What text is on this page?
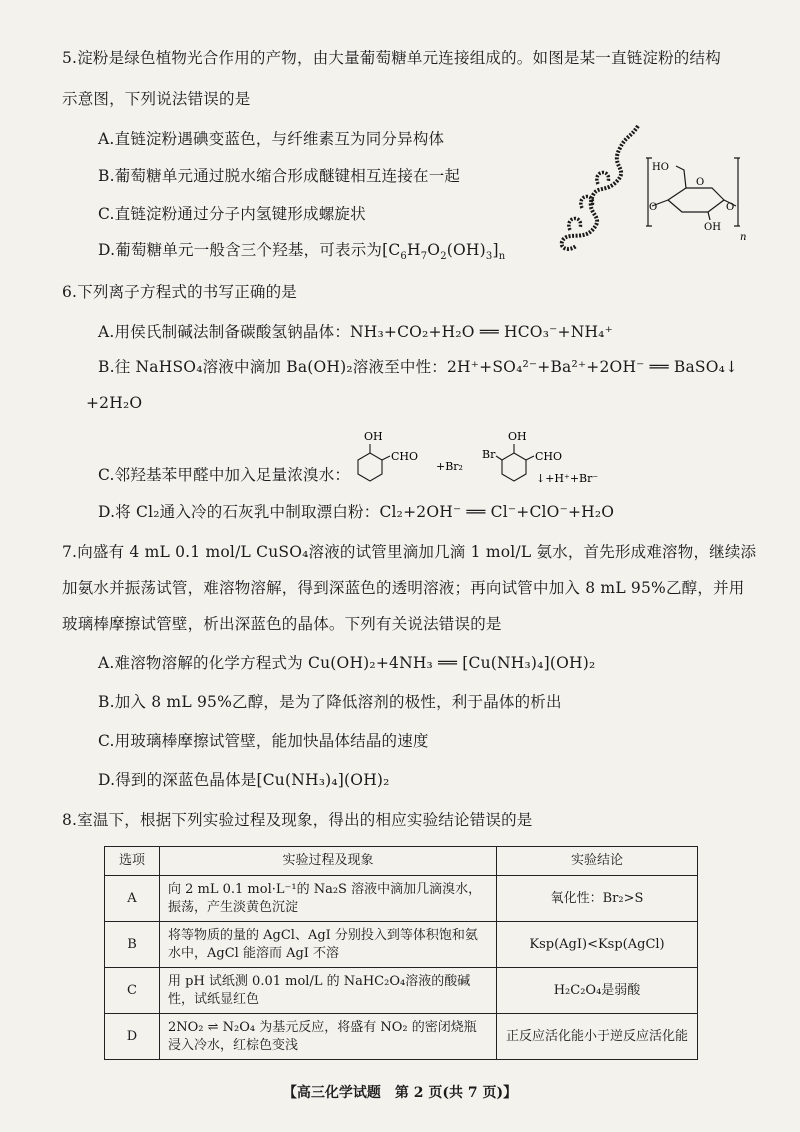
5.淀粉是绿色植物光合作用的产物，由大量葡萄糖单元连接组成的。如图是某一直链淀粉的结构
示意图，下列说法错误的是
A.直链淀粉遇碘变蓝色，与纤维素互为同分异构体
B.葡萄糖单元通过脱水缩合形成醚键相互连接在一起
C.直链淀粉通过分子内氢键形成螺旋状
D.葡萄糖单元一般含三个羟基，可表示为$[C_6H_7O_2(OH)_3]_n$
HO
O
O
OH
O
n
6.下列离子方程式的书写正确的是
A.用侯氏制碱法制备碳酸氢钠晶体：NH₃+CO₂+H₂O ══ HCO₃⁻+NH₄⁺
B.往 NaHSO₄溶液中滴加 Ba(OH)₂溶液至中性：2H⁺+SO₄²⁻+Ba²⁺+2OH⁻ ══ BaSO₄↓
+2H₂O
C.邻羟基苯甲醛中加入足量浓溴水：
OH
CHO
+Br₂
Br
OH
CHO
↓+H⁺+Br⁻
D.将 Cl₂通入冷的石灰乳中制取漂白粉：Cl₂+2OH⁻ ══ Cl⁻+ClO⁻+H₂O
7.向盛有 4 mL 0.1 mol/L CuSO₄溶液的试管里滴加几滴 1 mol/L 氨水，首先形成难溶物，继续添
加氨水并振荡试管，难溶物溶解，得到深蓝色的透明溶液；再向试管中加入 8 mL 95%乙醇，并用
玻璃棒摩擦试管壁，析出深蓝色的晶体。下列有关说法错误的是
A.难溶物溶解的化学方程式为 Cu(OH)₂+4NH₃ ══ [Cu(NH₃)₄](OH)₂
B.加入 8 mL 95%乙醇，是为了降低溶剂的极性，利于晶体的析出
C.用玻璃棒摩擦试管壁，能加快晶体结晶的速度
D.得到的深蓝色晶体是[Cu(NH₃)₄](OH)₂
8.室温下，根据下列实验过程及现象，得出的相应实验结论错误的是
选项	实验过程及现象	实验结论
A	向 2 mL 0.1 mol·L⁻¹的 Na₂S 溶液中滴加几滴溴水，振荡，产生淡黄色沉淀	氧化性：Br₂>S
B	将等物质的量的 AgCl、AgI 分别投入到等体积饱和氨水中，AgCl 能溶而 AgI 不溶	Ksp(AgI)<Ksp(AgCl)
C	用 pH 试纸测 0.01 mol/L 的 NaHC₂O₄溶液的酸碱性，试纸显红色	H₂C₂O₄是弱酸
D	2NO₂ ⇌ N₂O₄ 为基元反应，将盛有 NO₂ 的密闭烧瓶浸入冷水，红棕色变浅	正反应活化能小于逆反应活化能
【高三化学试题　第 2 页(共 7 页)】
